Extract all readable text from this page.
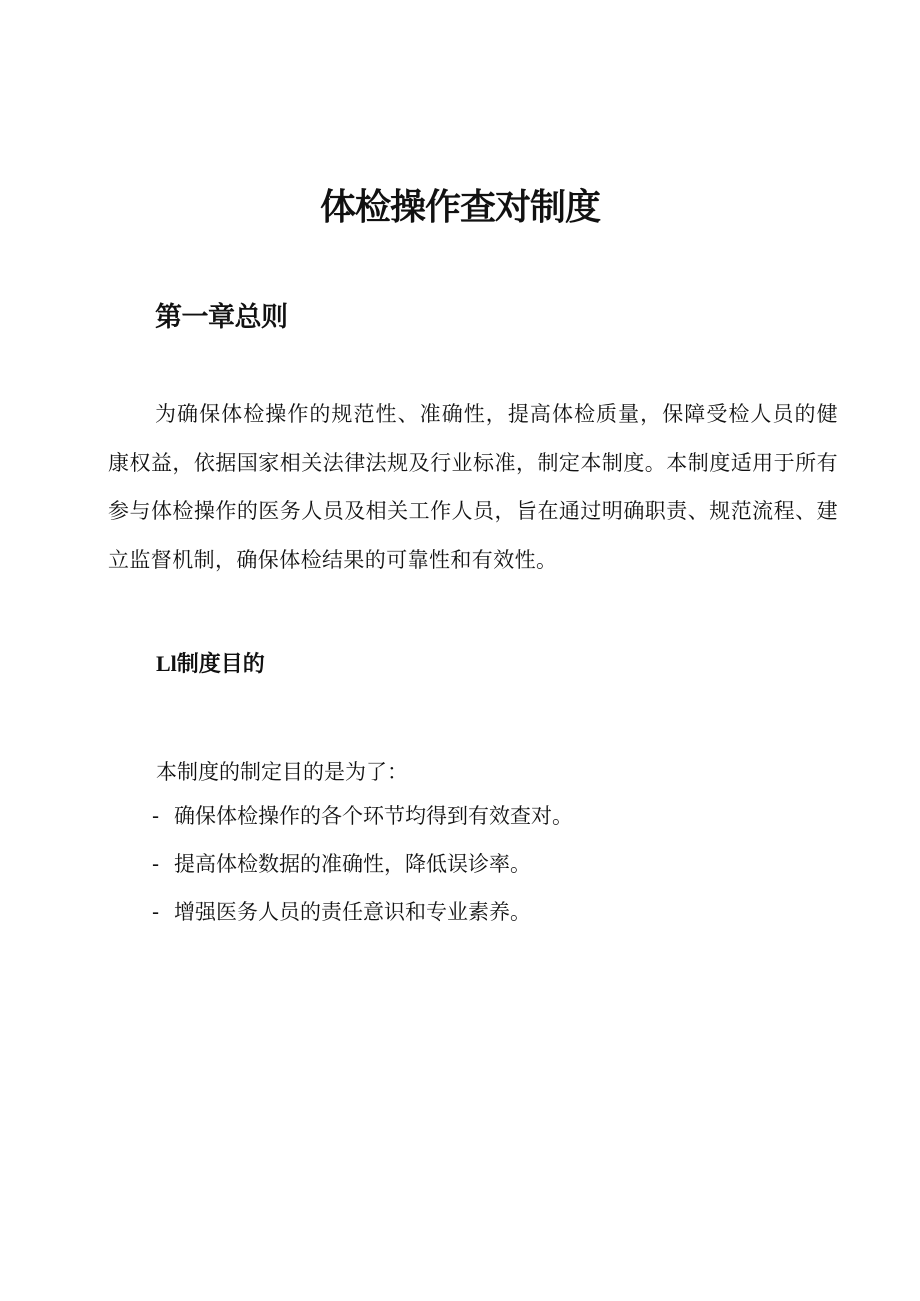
体检操作查对制度
第一章总则

为确保体检操作的规范性、准确性，提高体检质量，保障受检人员的健康权益，依据国家相关法律法规及行业标准，制定本制度。本制度适用于所有参与体检操作的医务人员及相关工作人员，旨在通过明确职责、规范流程、建立监督机制，确保体检结果的可靠性和有效性。

Ll制度目的

本制度的制定目的是为了：

- 确保体检操作的各个环节均得到有效查对。
- 提高体检数据的准确性，降低误诊率。
- 增强医务人员的责任意识和专业素养。
